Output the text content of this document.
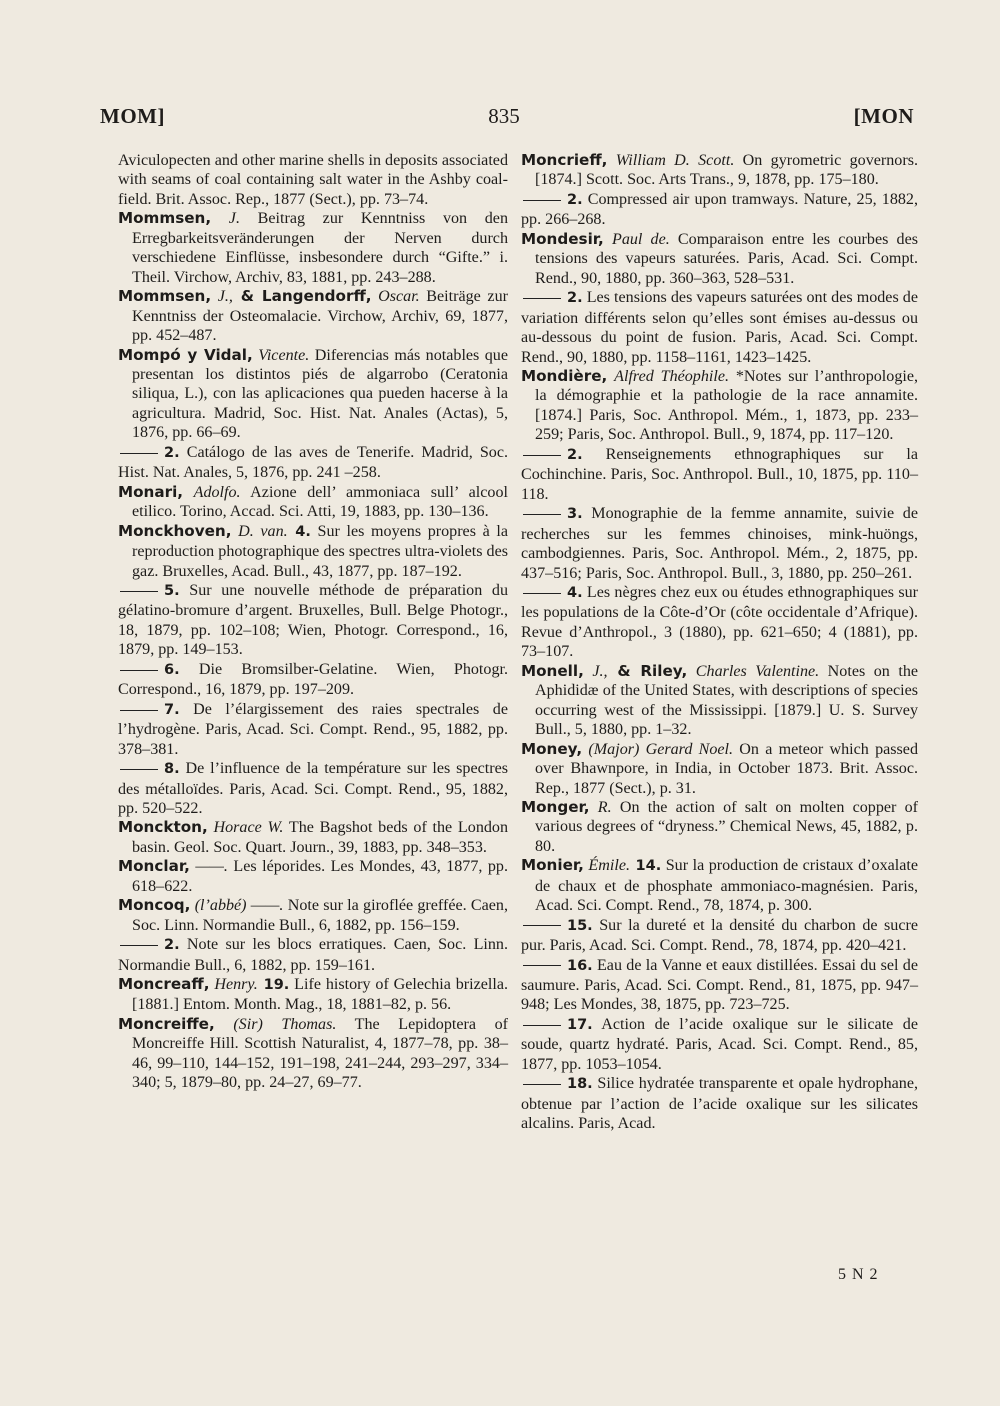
MOM]	835	[MON

Aviculopecten and other marine shells in deposits associated with seams of coal containing salt water in the Ashby coal-field. Brit. Assoc. Rep., 1877 (Sect.), pp. 73–74.

Mommsen, J. Beitrag zur Kenntniss von den Erregbarkeitsveränderungen der Nerven durch verschiedene Einflüsse, insbesondere durch “Gifte.” i. Theil. Virchow, Archiv, 83, 1881, pp. 243–288.

Mommsen, J., & Langendorff, Oscar. Beiträge zur Kenntniss der Osteomalacie. Virchow, Archiv, 69, 1877, pp. 452–487.

Mompó y Vidal, Vicente. Diferencias más notables que presentan los distintos piés de algarrobo (Ceratonia siliqua, L.), con las aplicaciones qua pueden hacerse à la agricultura. Madrid, Soc. Hist. Nat. Anales (Actas), 5, 1876, pp. 66–69.

2. Catálogo de las aves de Tenerife. Madrid, Soc. Hist. Nat. Anales, 5, 1876, pp. 241 –258.

Monari, Adolfo. Azione dell’ ammoniaca sull’ alcool etilico. Torino, Accad. Sci. Atti, 19, 1883, pp. 130–136.

Monckhoven, D. van. 4. Sur les moyens propres à la reproduction photographique des spectres ultra-violets des gaz. Bruxelles, Acad. Bull., 43, 1877, pp. 187–192.

5. Sur une nouvelle méthode de préparation du gélatino-bromure d’argent. Bruxelles, Bull. Belge Photogr., 18, 1879, pp. 102–108; Wien, Photogr. Correspond., 16, 1879, pp. 149–153.

6. Die Bromsilber-Gelatine. Wien, Photogr. Correspond., 16, 1879, pp. 197–209.

7. De l’élargissement des raies spectrales de l’hydrogène. Paris, Acad. Sci. Compt. Rend., 95, 1882, pp. 378–381.

8. De l’influence de la température sur les spectres des métalloïdes. Paris, Acad. Sci. Compt. Rend., 95, 1882, pp. 520–522.

Monckton, Horace W. The Bagshot beds of the London basin. Geol. Soc. Quart. Journ., 39, 1883, pp. 348–353.

Monclar, ——. Les léporides. Les Mondes, 43, 1877, pp. 618–622.

Moncoq, (l’abbé) ——. Note sur la giroflée greffée. Caen, Soc. Linn. Normandie Bull., 6, 1882, pp. 156–159.

2. Note sur les blocs erratiques. Caen, Soc. Linn. Normandie Bull., 6, 1882, pp. 159–161.

Moncreaff, Henry. 19. Life history of Gelechia brizella. [1881.] Entom. Month. Mag., 18, 1881–82, p. 56.

Moncreiffe, (Sir) Thomas. The Lepidoptera of Moncreiffe Hill. Scottish Naturalist, 4, 1877–78, pp. 38–46, 99–110, 144–152, 191–198, 241–244, 293–297, 334–340; 5, 1879–80, pp. 24–27, 69–77.

Moncrieff, William D. Scott. On gyrometric governors. [1874.] Scott. Soc. Arts Trans., 9, 1878, pp. 175–180.

2. Compressed air upon tramways. Nature, 25, 1882, pp. 266–268.

Mondesir, Paul de. Comparaison entre les courbes des tensions des vapeurs saturées. Paris, Acad. Sci. Compt. Rend., 90, 1880, pp. 360–363, 528–531.

2. Les tensions des vapeurs saturées ont des modes de variation différents selon qu’elles sont émises au-dessus ou au-dessous du point de fusion. Paris, Acad. Sci. Compt. Rend., 90, 1880, pp. 1158–1161, 1423–1425.

Mondière, Alfred Théophile. *Notes sur l’anthropologie, la démographie et la pathologie de la race annamite. [1874.] Paris, Soc. Anthropol. Mém., 1, 1873, pp. 233–259; Paris, Soc. Anthropol. Bull., 9, 1874, pp. 117–120.

2. Renseignements ethnographiques sur la Cochinchine. Paris, Soc. Anthropol. Bull., 10, 1875, pp. 110–118.

3. Monographie de la femme annamite, suivie de recherches sur les femmes chinoises, mink-huöngs, cambodgiennes. Paris, Soc. Anthropol. Mém., 2, 1875, pp. 437–516; Paris, Soc. Anthropol. Bull., 3, 1880, pp. 250–261.

4. Les nègres chez eux ou études ethnographiques sur les populations de la Côte-d’Or (côte occidentale d’Afrique). Revue d’Anthropol., 3 (1880), pp. 621–650; 4 (1881), pp. 73–107.

Monell, J., & Riley, Charles Valentine. Notes on the Aphididæ of the United States, with descriptions of species occurring west of the Mississippi. [1879.] U. S. Survey Bull., 5, 1880, pp. 1–32.

Money, (Major) Gerard Noel. On a meteor which passed over Bhawnpore, in India, in October 1873. Brit. Assoc. Rep., 1877 (Sect.), p. 31.

Monger, R. On the action of salt on molten copper of various degrees of “dryness.” Chemical News, 45, 1882, p. 80.

Monier, Émile. 14. Sur la production de cristaux d’oxalate de chaux et de phosphate ammoniaco-magnésien. Paris, Acad. Sci. Compt. Rend., 78, 1874, p. 300.

15. Sur la dureté et la densité du charbon de sucre pur. Paris, Acad. Sci. Compt. Rend., 78, 1874, pp. 420–421.

16. Eau de la Vanne et eaux distillées. Essai du sel de saumure. Paris, Acad. Sci. Compt. Rend., 81, 1875, pp. 947–948; Les Mondes, 38, 1875, pp. 723–725.

17. Action de l’acide oxalique sur le silicate de soude, quartz hydraté. Paris, Acad. Sci. Compt. Rend., 85, 1877, pp. 1053–1054.

18. Silice hydratée transparente et opale hydrophane, obtenue par l’action de l’acide oxalique sur les silicates alcalins. Paris, Acad.

5 N 2
